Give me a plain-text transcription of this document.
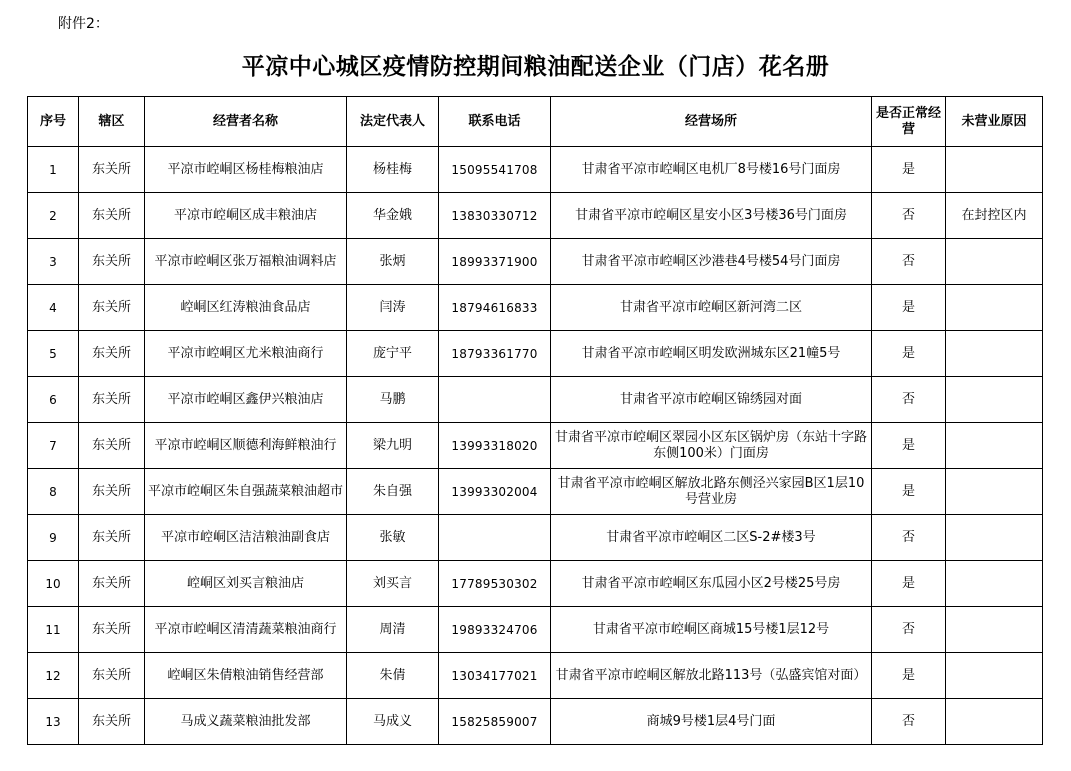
附件2：
平凉中心城区疫情防控期间粮油配送企业（门店）花名册
序号	辖区	经营者名称	法定代表人	联系电话	经营场所	是否正常经营	未营业原因
1	东关所	平凉市崆峒区杨桂梅粮油店	杨桂梅	15095541708	甘肃省平凉市崆峒区电机厂8号楼16号门面房	是	
2	东关所	平凉市崆峒区成丰粮油店	华金娥	13830330712	甘肃省平凉市崆峒区星安小区3号楼36号门面房	否	在封控区内
3	东关所	平凉市崆峒区张万福粮油调料店	张炳	18993371900	甘肃省平凉市崆峒区沙港巷4号楼54号门面房	否	
4	东关所	崆峒区红涛粮油食品店	闫涛	18794616833	甘肃省平凉市崆峒区新河湾二区	是	
5	东关所	平凉市崆峒区尤米粮油商行	庞宁平	18793361770	甘肃省平凉市崆峒区明发欧洲城东区21幢5号	是	
6	东关所	平凉市崆峒区鑫伊兴粮油店	马鹏		甘肃省平凉市崆峒区锦绣园对面	否	
7	东关所	平凉市崆峒区顺德利海鲜粮油行	梁九明	13993318020	甘肃省平凉市崆峒区翠园小区东区锅炉房（东站十字路东侧100米）门面房	是	
8	东关所	平凉市崆峒区朱自强蔬菜粮油超市	朱自强	13993302004	甘肃省平凉市崆峒区解放北路东侧泾兴家园B区1层10号营业房	是	
9	东关所	平凉市崆峒区洁洁粮油副食店	张敏		甘肃省平凉市崆峒区二区S-2#楼3号	否	
10	东关所	崆峒区刘买言粮油店	刘买言	17789530302	甘肃省平凉市崆峒区东瓜园小区2号楼25号房	是	
11	东关所	平凉市崆峒区清清蔬菜粮油商行	周清	19893324706	甘肃省平凉市崆峒区商城15号楼1层12号	否	
12	东关所	崆峒区朱倩粮油销售经营部	朱倩	13034177021	甘肃省平凉市崆峒区解放北路113号（弘盛宾馆对面）	是	
13	东关所	马成义蔬菜粮油批发部	马成义	15825859007	商城9号楼1层4号门面	否	
